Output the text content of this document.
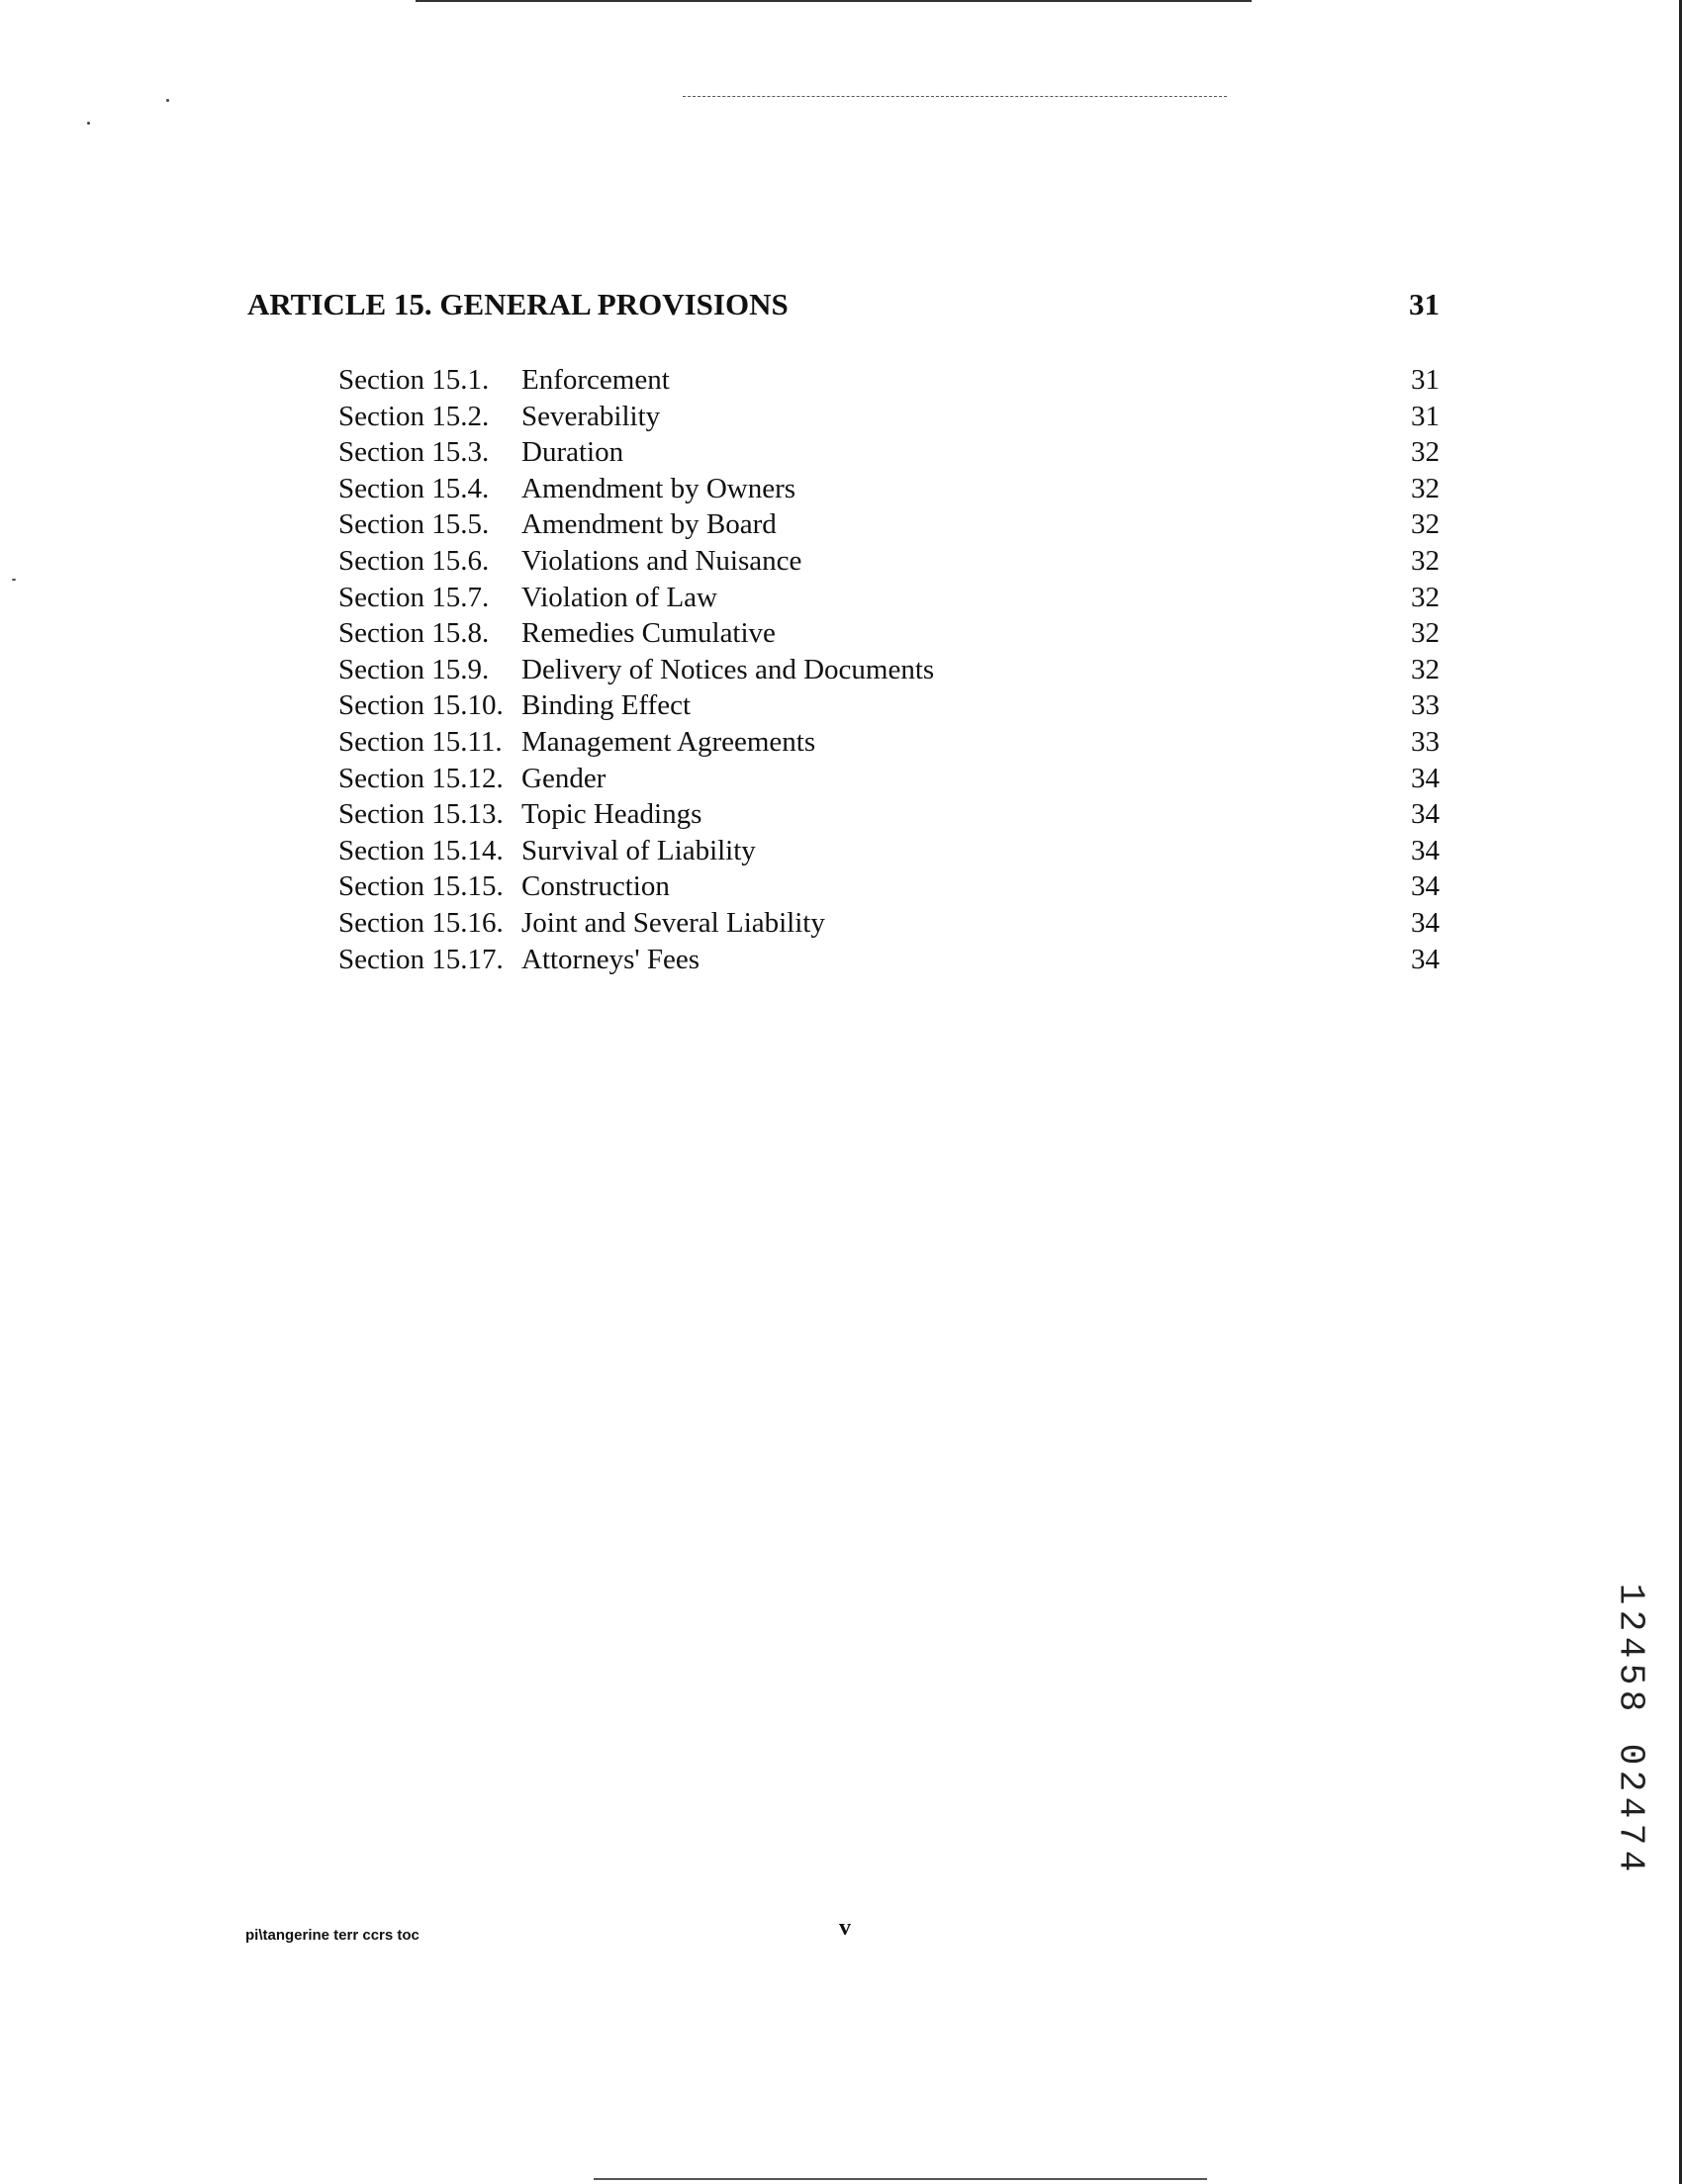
ARTICLE 15. GENERAL PROVISIONS	31
Section 15.1.	Enforcement	31
Section 15.2.	Severability	31
Section 15.3.	Duration	32
Section 15.4.	Amendment by Owners	32
Section 15.5.	Amendment by Board	32
Section 15.6.	Violations and Nuisance	32
Section 15.7.	Violation of Law	32
Section 15.8.	Remedies Cumulative	32
Section 15.9.	Delivery of Notices and Documents	32
Section 15.10. Binding Effect	33
Section 15.11. Management Agreements	33
Section 15.12. Gender	34
Section 15.13. Topic Headings	34
Section 15.14. Survival of Liability	34
Section 15.15. Construction	34
Section 15.16. Joint and Several Liability	34
Section 15.17. Attorneys' Fees	34
pi\tangerine terr ccrs toc	v
1
2
4
5
8
0
2
4
7
4
